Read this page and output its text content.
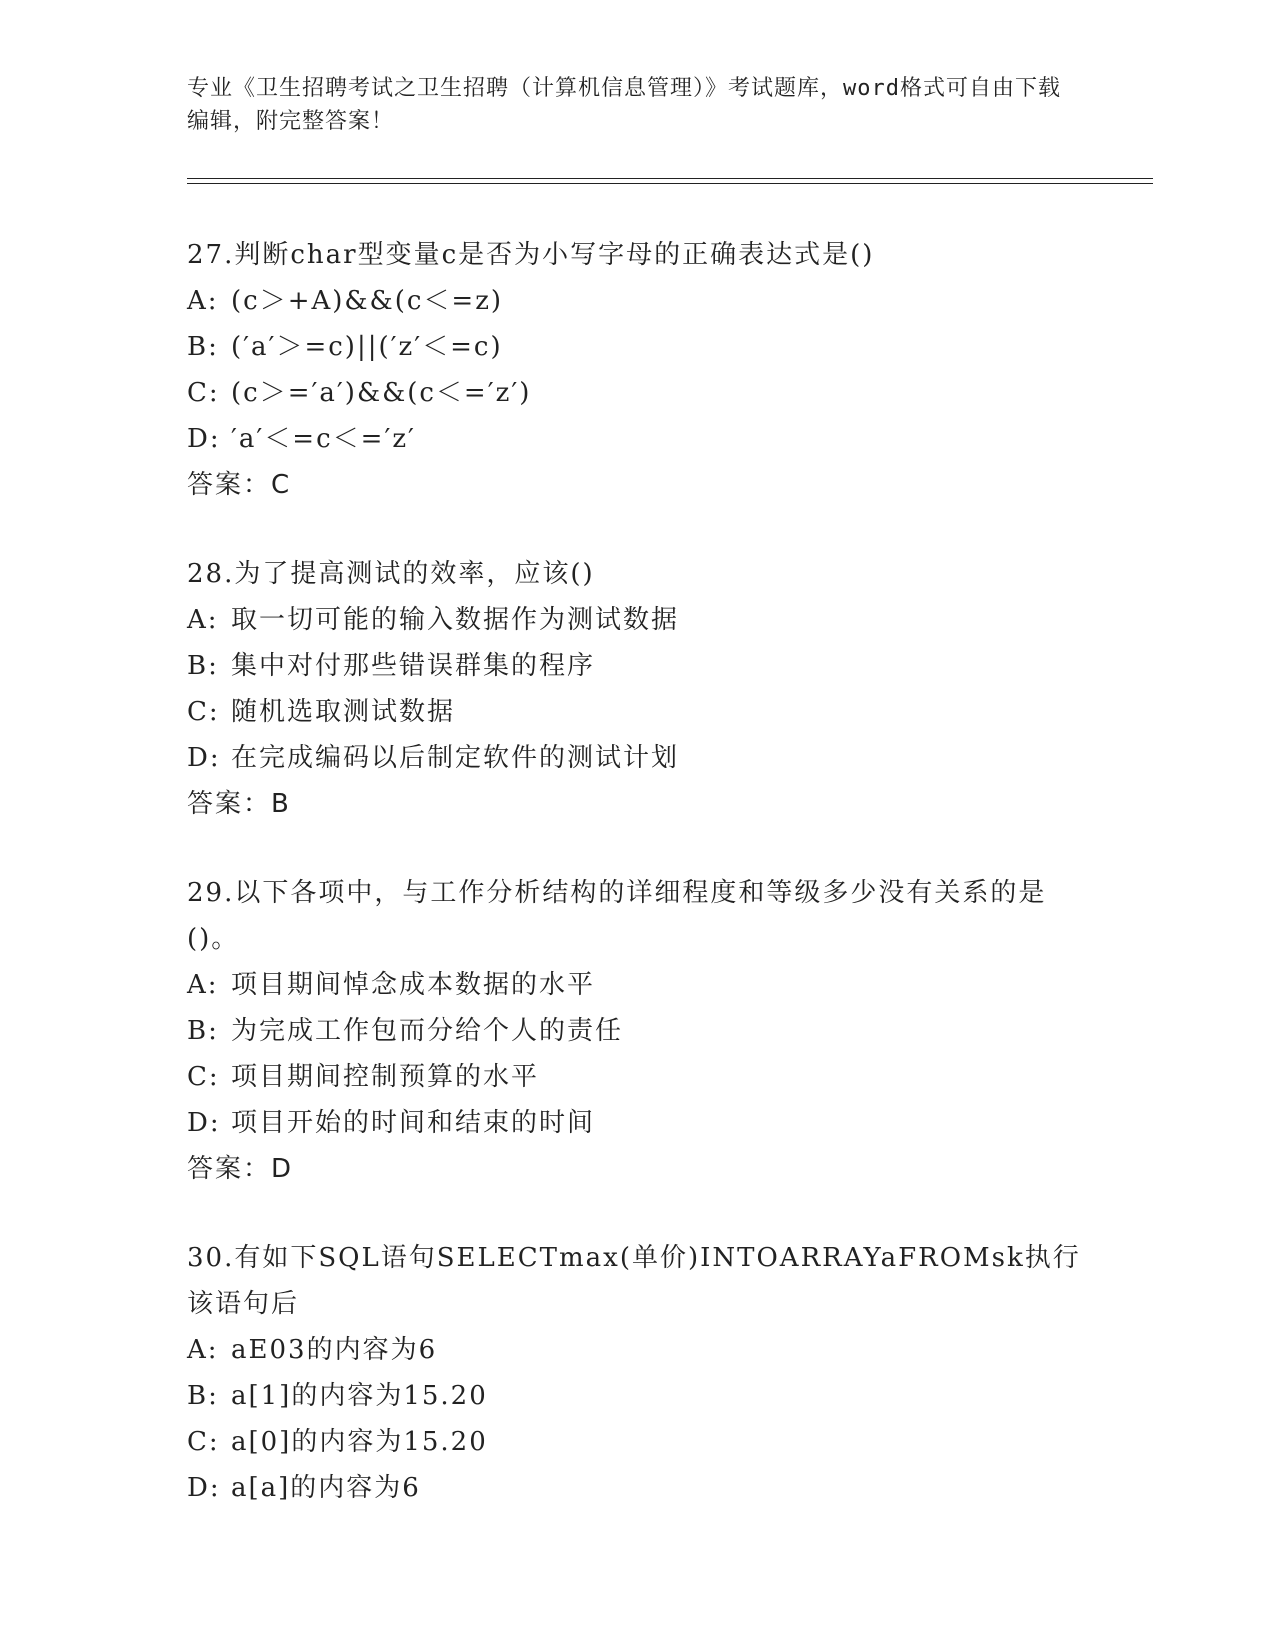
专业《卫生招聘考试之卫生招聘（计算机信息管理）》考试题库，word格式可自由下载编辑，附完整答案！

27.判断char型变量c是否为小写字母的正确表达式是()

A: (c＞+A)&&(c＜=z)

B: (′a′＞=c)||(′z′＜=c)

C: (c＞=′a′)&&(c＜=′z′)

D: ′a′＜=c＜=′z′

答案：C

28.为了提高测试的效率，应该()

A: 取一切可能的输入数据作为测试数据

B: 集中对付那些错误群集的程序

C: 随机选取测试数据

D: 在完成编码以后制定软件的测试计划

答案：B

29.以下各项中，与工作分析结构的详细程度和等级多少没有关系的是()。

A: 项目期间悼念成本数据的水平

B: 为完成工作包而分给个人的责任

C: 项目期间控制预算的水平

D: 项目开始的时间和结束的时间

答案：D

30.有如下SQL语句SELECTmax(单价)INTOARRAYaFROMsk执行该语句后

A: aE03的内容为6

B: a[1]的内容为15.20

C: a[0]的内容为15.20

D: a[a]的内容为6
